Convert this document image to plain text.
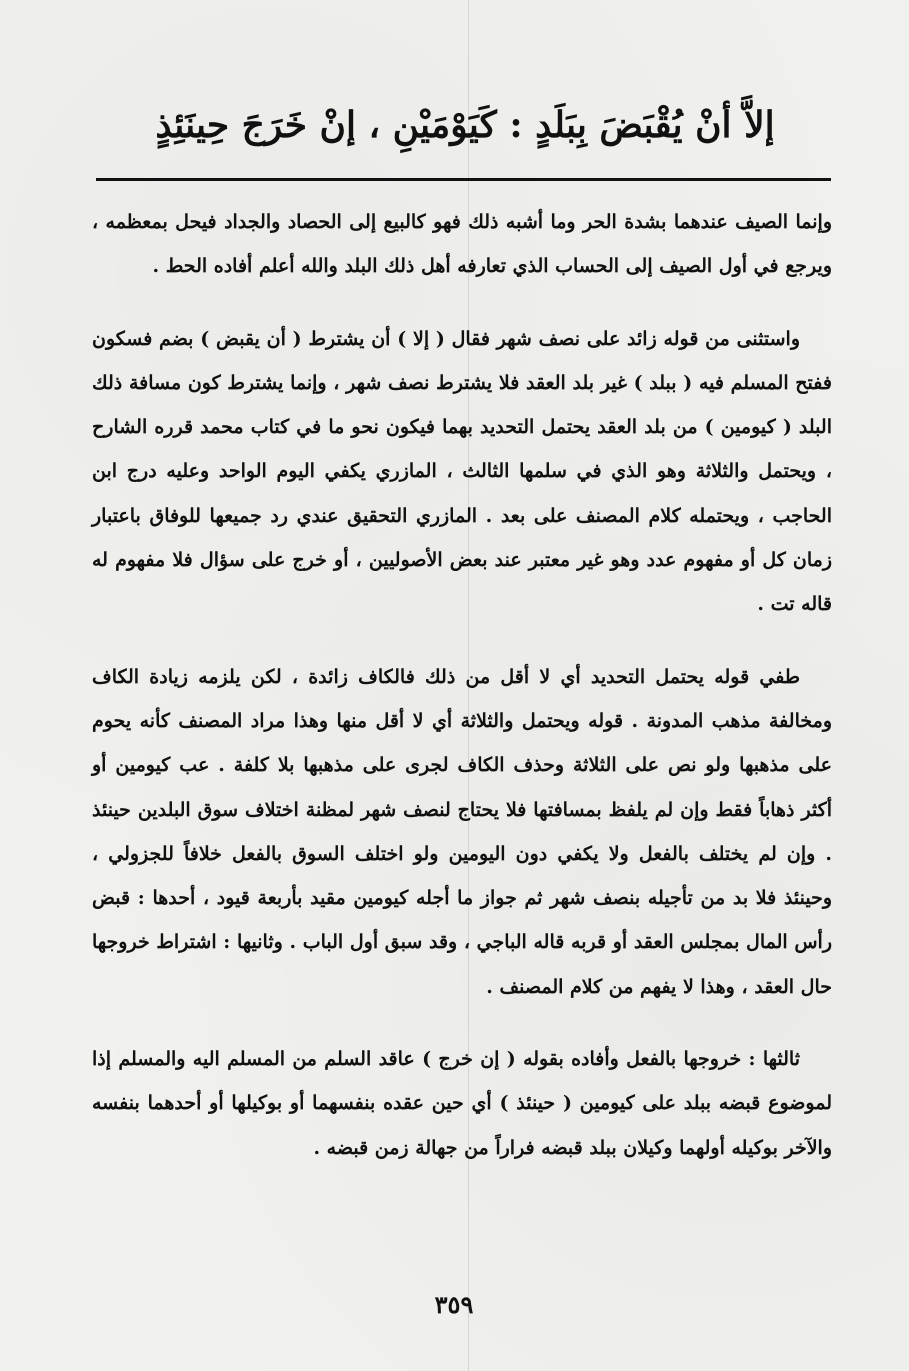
إلاَّ أنْ يُقْبَضَ بِبَلَدٍ : كَيَوْمَيْنِ ، إنْ خَرَجَ حِينَئِذٍ

وإنما الصيف عندهما بشدة الحر وما أشبه ذلك فهو كالبيع إلى الحصاد والجداد فيحل بمعظمه ، ويرجع في أول الصيف إلى الحساب الذي تعارفه أهل ذلك البلد والله أعلم أفاده الحط .

واستثنى من قوله زائد على نصف شهر فقال ( إلا ) أن يشترط ( أن يقبض ) بضم فسكون ففتح المسلم فيه ( ببلد ) غير بلد العقد فلا يشترط نصف شهر ، وإنما يشترط كون مسافة ذلك البلد ( كيومين ) من بلد العقد يحتمل التحديد بهما فيكون نحو ما في كتاب محمد قرره الشارح ، ويحتمل والثلاثة وهو الذي في سلمها الثالث ، المازري يكفي اليوم الواحد وعليه درج ابن الحاجب ، ويحتمله كلام المصنف على بعد . المازري التحقيق عندي رد جميعها للوفاق باعتبار زمان كل أو مفهوم عدد وهو غير معتبر عند بعض الأصوليين ، أو خرج على سؤال فلا مفهوم له قاله تت .

طفي قوله يحتمل التحديد أي لا أقل من ذلك فالكاف زائدة ، لكن يلزمه زيادة الكاف ومخالفة مذهب المدونة . قوله ويحتمل والثلاثة أي لا أقل منها وهذا مراد المصنف كأنه يحوم على مذهبها ولو نص على الثلاثة وحذف الكاف لجرى على مذهبها بلا كلفة . عب كيومين أو أكثر ذهاباً فقط وإن لم يلفظ بمسافتها فلا يحتاج لنصف شهر لمظنة اختلاف سوق البلدين حينئذ . وإن لم يختلف بالفعل ولا يكفي دون اليومين ولو اختلف السوق بالفعل خلافاً للجزولي ، وحينئذ فلا بد من تأجيله بنصف شهر ثم جواز ما أجله كيومين مقيد بأربعة قيود ، أحدها : قبض رأس المال بمجلس العقد أو قربه قاله الباجي ، وقد سبق أول الباب . وثانيها : اشتراط خروجها حال العقد ، وهذا لا يفهم من كلام المصنف .

ثالثها : خروجها بالفعل وأفاده بقوله ( إن خرج ) عاقد السلم من المسلم اليه والمسلم إذا لموضوع قبضه ببلد على كيومين ( حينئذ ) أي حين عقده بنفسهما أو بوكيلها أو أحدهما بنفسه والآخر بوكيله أولهما وكيلان ببلد قبضه فراراً من جهالة زمن قبضه .

٣٥٩
